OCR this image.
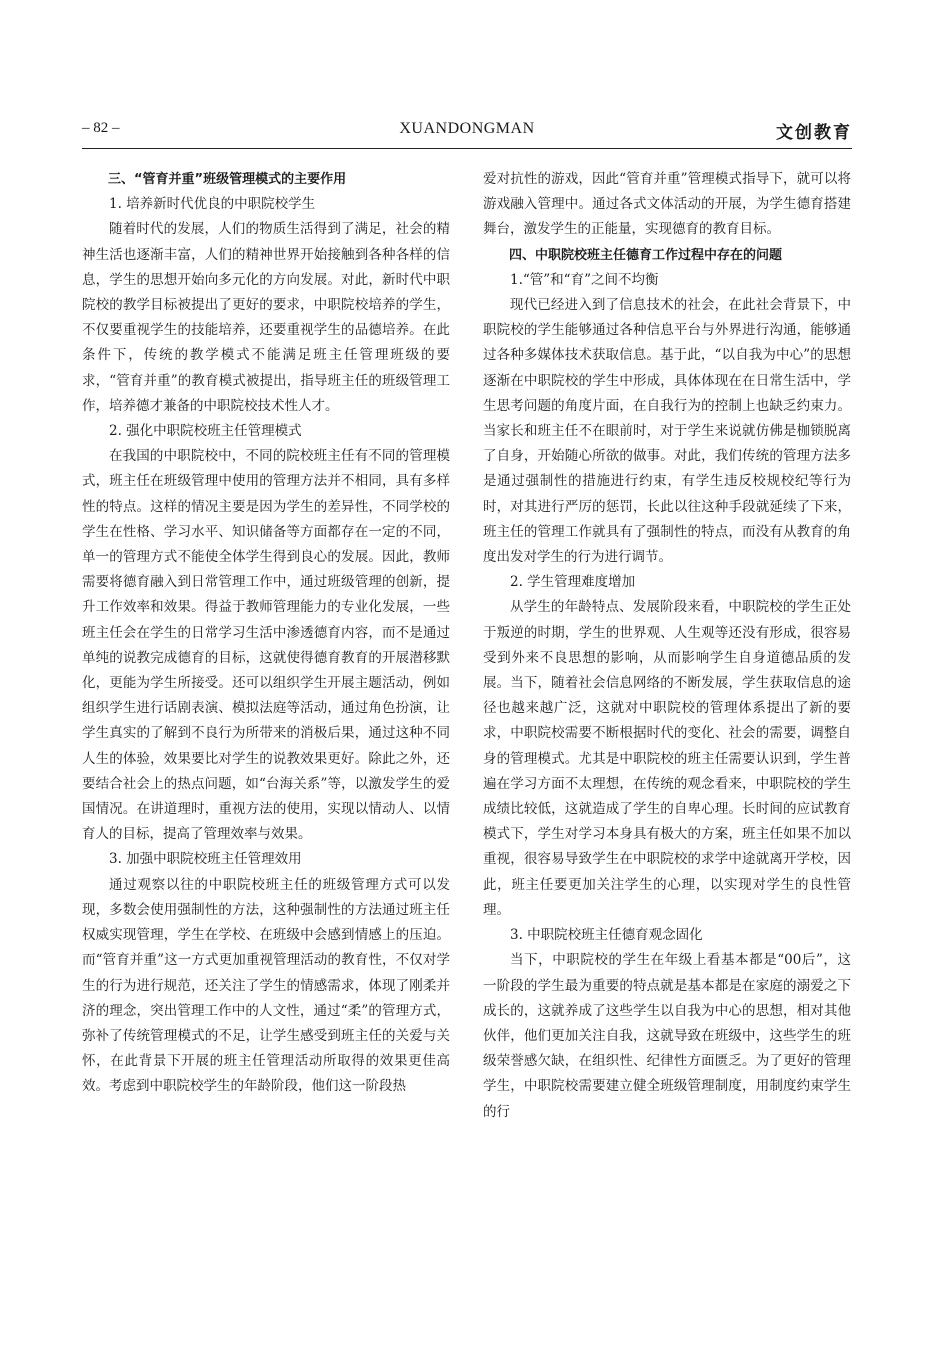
– 82 –	XUANDONGMAN	文创教育

三、“管育并重”班级管理模式的主要作用

1. 培养新时代优良的中职院校学生

随着时代的发展，人们的物质生活得到了满足，社会的精神生活也逐渐丰富，人们的精神世界开始接触到各种各样的信息，学生的思想开始向多元化的方向发展。对此，新时代中职院校的教学目标被提出了更好的要求，中职院校培养的学生，不仅要重视学生的技能培养，还要重视学生的品德培养。在此条件下，传统的教学模式不能满足班主任管理班级的要求，“管育并重”的教育模式被提出，指导班主任的班级管理工作，培养德才兼备的中职院校技术性人才。

2. 强化中职院校班主任管理模式

在我国的中职院校中，不同的院校班主任有不同的管理模式，班主任在班级管理中使用的管理方法并不相同，具有多样性的特点。这样的情况主要是因为学生的差异性，不同学校的学生在性格、学习水平、知识储备等方面都存在一定的不同，单一的管理方式不能使全体学生得到良心的发展。因此，教师需要将德育融入到日常管理工作中，通过班级管理的创新，提升工作效率和效果。得益于教师管理能力的专业化发展，一些班主任会在学生的日常学习生活中渗透德育内容，而不是通过单纯的说教完成德育的目标，这就使得德育教育的开展潜移默化，更能为学生所接受。还可以组织学生开展主题活动，例如组织学生进行话剧表演、模拟法庭等活动，通过角色扮演，让学生真实的了解到不良行为所带来的消极后果，通过这种不同人生的体验，效果要比对学生的说教效果更好。除此之外，还要结合社会上的热点问题，如“台海关系”等，以激发学生的爱国情况。在讲道理时，重视方法的使用，实现以情动人、以情育人的目标，提高了管理效率与效果。

3. 加强中职院校班主任管理效用

通过观察以往的中职院校班主任的班级管理方式可以发现，多数会使用强制性的方法，这种强制性的方法通过班主任权威实现管理，学生在学校、在班级中会感到情感上的压迫。而“管育并重”这一方式更加重视管理活动的教育性，不仅对学生的行为进行规范，还关注了学生的情感需求，体现了刚柔并济的理念，突出管理工作中的人文性，通过“柔”的管理方式，弥补了传统管理模式的不足，让学生感受到班主任的关爱与关怀，在此背景下开展的班主任管理活动所取得的效果更佳高效。考虑到中职院校学生的年龄阶段，他们这一阶段热

爱对抗性的游戏，因此“管育并重”管理模式指导下，就可以将游戏融入管理中。通过各式文体活动的开展，为学生德育搭建舞台，激发学生的正能量，实现德育的教育目标。

四、中职院校班主任德育工作过程中存在的问题

1.“管”和“育”之间不均衡

现代已经进入到了信息技术的社会，在此社会背景下，中职院校的学生能够通过各种信息平台与外界进行沟通，能够通过各种多媒体技术获取信息。基于此，“以自我为中心”的思想逐渐在中职院校的学生中形成，具体体现在在日常生活中，学生思考问题的角度片面，在自我行为的控制上也缺乏约束力。当家长和班主任不在眼前时，对于学生来说就仿佛是枷锁脱离了自身，开始随心所欲的做事。对此，我们传统的管理方法多是通过强制性的措施进行约束，有学生违反校规校纪等行为时，对其进行严厉的惩罚，长此以往这种手段就延续了下来，班主任的管理工作就具有了强制性的特点，而没有从教育的角度出发对学生的行为进行调节。

2. 学生管理难度增加

从学生的年龄特点、发展阶段来看，中职院校的学生正处于叛逆的时期，学生的世界观、人生观等还没有形成，很容易受到外来不良思想的影响，从而影响学生自身道德品质的发展。当下，随着社会信息网络的不断发展，学生获取信息的途径也越来越广泛，这就对中职院校的管理体系提出了新的要求，中职院校需要不断根据时代的变化、社会的需要，调整自身的管理模式。尤其是中职院校的班主任需要认识到，学生普遍在学习方面不太理想，在传统的观念看来，中职院校的学生成绩比较低，这就造成了学生的自卑心理。长时间的应试教育模式下，学生对学习本身具有极大的方案，班主任如果不加以重视，很容易导致学生在中职院校的求学中途就离开学校，因此，班主任要更加关注学生的心理，以实现对学生的良性管理。

3. 中职院校班主任德育观念固化

当下，中职院校的学生在年级上看基本都是“00后”，这一阶段的学生最为重要的特点就是基本都是在家庭的溺爱之下成长的，这就养成了这些学生以自我为中心的思想，相对其他伙伴，他们更加关注自我，这就导致在班级中，这些学生的班级荣誉感欠缺，在组织性、纪律性方面匮乏。为了更好的管理学生，中职院校需要建立健全班级管理制度，用制度约束学生的行
